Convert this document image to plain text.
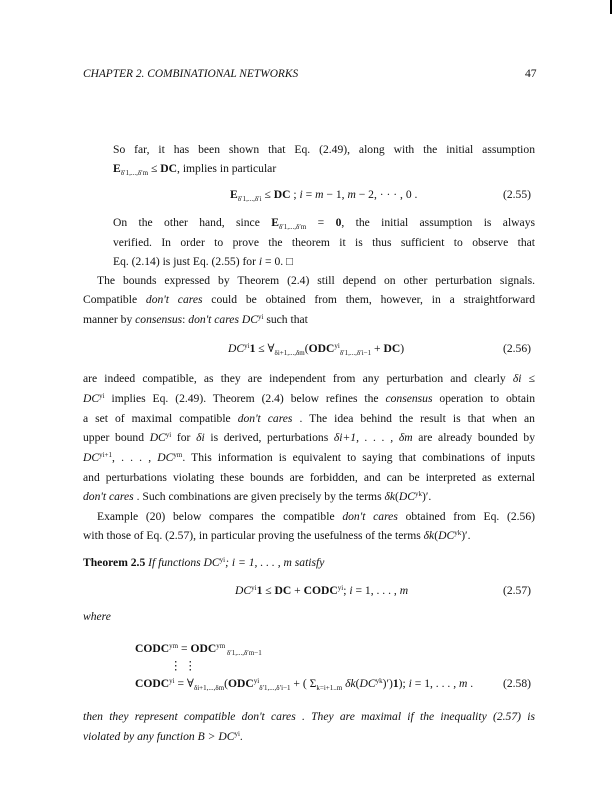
CHAPTER 2. COMBINATIONAL NETWORKS	47
So far, it has been shown that Eq. (2.49), along with the initial assumption
$E_{\delta'1,...,\delta'm}$ ≤ DC, implies in particular
$E_{\delta'1,...,\delta'i}$ ≤ DC ; i = m − 1, m − 2, · · · , 0 .	(2.55)
On the other hand, since $E_{\delta'1,...,\delta'm} = 0$, the initial assumption is always
verified. In order to prove the theorem it is thus sufficient to observe that
Eq. (2.14) is just Eq. (2.55) for i = 0. □
The bounds expressed by Theorem (2.4) still depend on other perturbation signals.
Compatible don't cares could be obtained from them, however, in a straightforward
manner by consensus: don't cares $DC^{yi}$ such that
$DC^{yi}1$ ≤ $\forall_{\delta i+1,...,\delta m}(ODC^{yi}_{\delta'1,...,\delta'i-1} + DC)$	(2.56)
are indeed compatible, as they are independent from any perturbation and clearly δi ≤
$DC^{yi}$ implies Eq. (2.49). Theorem (2.4) below refines the consensus operation to obtain
a set of maximal compatible don't cares . The idea behind the result is that when an
upper bound $DC^{yi}$ for δi is derived, perturbations δi+1, . . . , δm are already bounded by
$DC^{yi+1}$, . . . , $DC^{ym}$. This information is equivalent to saying that combinations of inputs
and perturbations violating these bounds are forbidden, and can be interpreted as external
don't cares . Such combinations are given precisely by the terms $\delta k(DC^{yk})'$.
Example (20) below compares the compatible don't cares obtained from Eq. (2.56)
with those of Eq. (2.57), in particular proving the usefulness of the terms $\delta k(DC^{yk})'$.
Theorem 2.5 If functions $DC^{yi}$; i = 1, . . . , m satisfy
$DC^{yi}1$ ≤ DC + $CODC^{yi}$; i = 1, . . . , m	(2.57)
where
$CODC^{ym} = ODC^{ym}$ $_{\delta'1,...,\delta'm-1}$
⋮ ⋮
$CODC^{yi}$ = $\forall_{\delta i+1,...,\delta m}(ODC^{yi}_{\delta'1,...,\delta'i-1}$ + ( $\Sigma_{k=i+1..m}$ $\delta k(DC^{yk})')1$); i = 1, . . . , m .	(2.58)
then they represent compatible don't cares . They are maximal if the inequality (2.57) is
violated by any function $B > DC^{yi}$.
